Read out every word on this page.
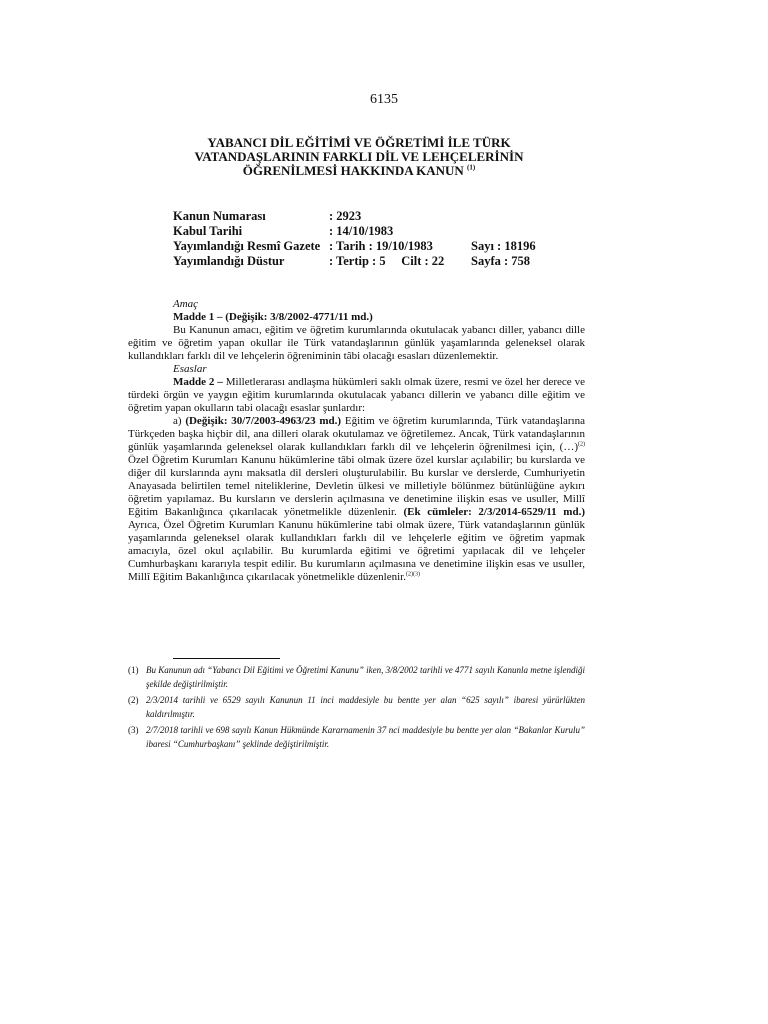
6135
YABANCI DİL EĞİTİMİ VE ÖĞRETİMİ İLE TÜRK
VATANDAŞLARININ FARKLI DİL VE LEHÇELERİNİN
ÖĞRENİLMESİ HAKKINDA KANUN $^{(1)}$
Kanun Numarası	: 2923
Kabul Tarihi	: 14/10/1983
Yayımlandığı Resmî Gazete : Tarih : 19/10/1983	Sayı : 18196
Yayımlandığı Düstur	: Tertip : 5     Cilt : 22 Sayfa : 758

Amaç

Madde 1 – (Değişik: 3/8/2002-4771/11 md.)

Bu Kanunun amacı, eğitim ve öğretim kurumlarında okutulacak yabancı diller, yabancı dille eğitim ve öğretim yapan okullar ile Türk vatandaşlarının günlük yaşamlarında geleneksel olarak kullandıkları farklı dil ve lehçelerin öğreniminin tâbi olacağı esasları düzenlemektir.

Esaslar

Madde 2 – Milletlerarası andlaşma hükümleri saklı olmak üzere, resmi ve özel her derece ve türdeki örgün ve yaygın eğitim kurumlarında okutulacak yabancı dillerin ve yabancı dille eğitim ve öğretim yapan okulların tabi olacağı esaslar şunlardır:

a) (Değişik: 30/7/2003-4963/23 md.) Eğitim ve öğretim kurumlarında, Türk vatandaşlarına Türkçeden başka hiçbir dil, ana dilleri olarak okutulamaz ve öğretilemez. Ancak, Türk vatandaşlarının günlük yaşamlarında geleneksel olarak kullandıkları farklı dil ve lehçelerin öğrenilmesi için, (…)$^{(2)}$ Özel Öğretim Kurumları Kanunu hükümlerine tâbi olmak üzere özel kurslar açılabilir; bu kurslarda ve diğer dil kurslarında aynı maksatla dil dersleri oluşturulabilir. Bu kurslar ve derslerde, Cumhuriyetin Anayasada belirtilen temel niteliklerine, Devletin ülkesi ve milletiyle bölünmez bütünlüğüne aykırı öğretim yapılamaz. Bu kursların ve derslerin açılmasına ve denetimine ilişkin esas ve usuller, Millî Eğitim Bakanlığınca çıkarılacak yönetmelikle düzenlenir. (Ek cümleler: 2/3/2014-6529/11 md.) Ayrıca, Özel Öğretim Kurumları Kanunu hükümlerine tabi olmak üzere, Türk vatandaşlarının günlük yaşamlarında geleneksel olarak kullandıkları farklı dil ve lehçelerle eğitim ve öğretim yapmak amacıyla, özel okul açılabilir. Bu kurumlarda eğitimi ve öğretimi yapılacak dil ve lehçeler Cumhurbaşkanı kararıyla tespit edilir. Bu kurumların açılmasına ve denetimine ilişkin esas ve usuller, Millî Eğitim Bakanlığınca çıkarılacak yönetmelikle düzenlenir.$^{(2)(3)}$

(1) Bu Kanunun adı “Yabancı Dil Eğitimi ve Öğretimi Kanunu” iken, 3/8/2002 tarihli ve 4771 sayılı Kanunla metne işlendiği şekilde değiştirilmiştir.
(2) 2/3/2014 tarihli ve 6529 sayılı Kanunun 11 inci maddesiyle bu bentte yer alan “625 sayılı” ibaresi yürürlükten kaldırılmıştır.
(3) 2/7/2018 tarihli ve 698 sayılı Kanun Hükmünde Kararnamenin 37 nci maddesiyle bu bentte yer alan “Bakanlar Kurulu” ibaresi “Cumhurbaşkanı” şeklinde değiştirilmiştir.
